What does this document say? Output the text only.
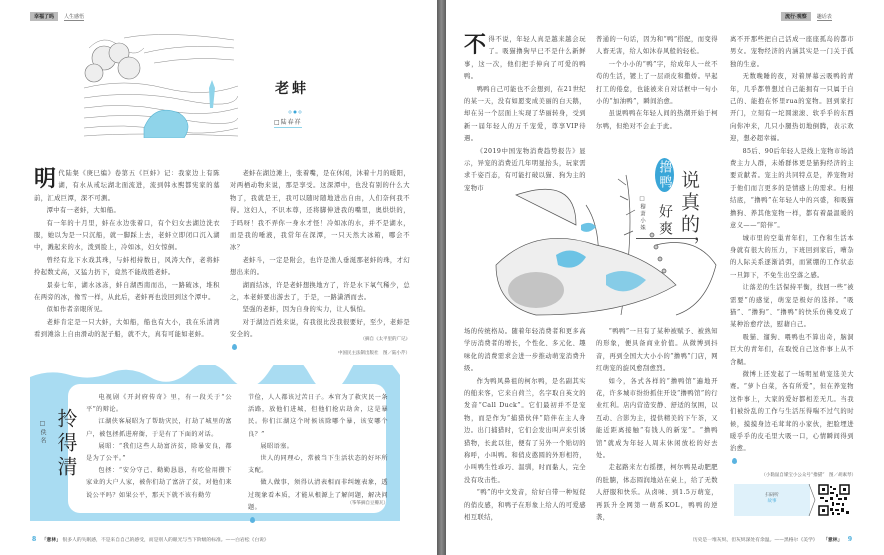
幸福了吗	人生感悟
老蚌
□陆春祥
明 代陆粲《庚巳编》卷第五《巨蚌》记：我家边上有陈湖，有水从戒坛湖北面流进，流到韩永熙都宪家的墓前，汇成巨潭，深不可测。

潭中有一老蚌，大如船。

有一年的十月里，蚌在水边张着口，有个妇女去湖边洗衣服，她以为是一只沉船，就一脚踩上去，老蚌立即闭口沉入湖中，溅起来的水，泼到脸上，冷如冰，妇女惊倒。

曾经有龙下水戏其珠，与蚌相持数日，风涛大作，老将蚌拎起数丈高，又猛力扔下，竟然不能战胜老蚌。

景泰七年，湖水冰冻，蚌自湖西南而出，一路破冰，堆积在两旁的冰，像雪一样，从此后，老蚌再也没回到这个潭中。

似如作者亲眼所见。

老蚌肯定是一只大蚌，大如船，船也有大小，我在乐清湾看到滩涂上自由滑动的泥子船，就不大，真有可能如老蚌。

老蚌在湖边滩上，张着嘴，是在休闲，沐着十月的暖阳，对两栖动物来说，那是享受。这深潭中，也没有别的什么大物了，我就是王，我可以随时随地进出自由，人们奈何我不得。这妇人，不识本尊，还将脚伸进我的嘴里，奥烘烘的，于吗呀！我不弄你一身水才怪！冷如冰的水，并不是湖水，而是我的唾液，我常年在深潭，一只天然大冰箱，哪会不冰？

老蚌斗，一定是附会，也许是渔人垂涎那老蚌的珠，才幻想出来的。

湖面结冰，许是老蚌想换地方了，许是水下氧气稀少，总之，本老蚌要出游去了，于是，一路潇洒而去。

坚强的老蚌，因为自身的实力，让人惧怕。

对于湖边百姓来说，有我很比没我很要好，至少，老蚌是安全的。

（摘自《太平里的广记》
中国民主法制出版社　图／陆小芹）
□佚名 拎得清

电视剧《开封府传奇》里，有一段关于“公平”的辩论。

江湖侠客展昭为了帮助灾民，打劫了城里的富户，被包拯抓进府衙，于是有了下面的对话。

展昭：“我们这些人劫富济贫，除暴安良，都是为了公平。”

包拯：“安分守己、勤勤恳恳，有吃俭用攒下家业的大户人家，被你们劫了富济了贫，对他们来说公平吗？如果公平，那天下就不该有勤劳

节俭，人人都该过苦日子。本官为了救灾民一条活路，放他们进城，但他们抢店劫舍，这是暴民。你们江湖这个时候该除哪个暴，该安哪个良？”

展昭语塞。

世人的同理心，常被当下生活状态的好坏所支配。

做人做事，须得认清表相而非纠缠表象，透过现象看本质，才能从根源上了解问题，解决问题。

（筝筝摘自豆瓣瓦）
8 「意林」 很多人的失眠感，不是来自自己的感受，而是别人的眼光与当下阶级的标准。——白岩松《白说》
流行·观察	趣话表
不 得不说，年轻人真是越来越会玩了。吸猫撸狗早已不是什么新鲜事，这一次，他们把手伸向了可爱的鸭鸭。

鸭鸭自己可能也不会想到，在21世纪的某一天，没有如愿变成美丽的白天鹅，却在另一个层面上实现了华丽转身，受到新一届年轻人的万千宠爱，尊享VIP待遇。

《2019中国宠物消费趋势报告》显示，异宠的消费近几年明显抬头，玩家需求千姿百态，有可能打破以猫、狗为主的宠物市

普通的一句话，因为和“鸭”搭配，而变得人畜无害，给人如沐春风般的轻松。

一个小小的“鸭”字，给成年人一丝不苟的生活，镀上了一层顽皮和撒娇。早起打工的倦怠，也能被来自对话框中一句小小的“加油鸭”，瞬间治愈。

虽说鸭鸭在年轻人间的热潮开始于柯尔鸭，但绝对不会止于此。

离不开那些把自己活成一座座孤岛的都市男女。宠物经济的内涵其实是一门关于孤独的生意。

无数晚睡的夜，对着屏幕云吸鸭的青年，几乎都曾想过自己能拥有一只属于自己的、能抱在怀里rua的宠物。回到家打开门，立刻有一坨圆滚滚、软乎乎的东西向你冲来，几只小腿热切地倒腾，表示欢迎，想必超幸福。

85后、90后年轻人是线上宠物市场消费主力人群，未婚群体更是猫狗经济的主要贡献者。宠主的共同特点是，养宠物对于他们而言更多的是情感上的需求。归根结底，“撸鸭”在年轻人中的兴盛，和吸猫撸狗、养其他宠物一样，都有着最温暖的意义——“陪伴”。

城市里的空巢青年们，工作和生活本身就有很大的压力，下班回到家后，嘈杂的人际关系逐渐消弭，而紧绷的工作状态一旦卸下，不免生出空落之感。

让落差的生活保持平衡，找回一些“被需要”的感觉，萌宠是极好的选择。“吸猫”、“撸狗”、“撸鸭”的快乐仿佛变成了某种治愈疗法，慰藉自己。

吸猫、遛狗、喂鸭也不算出奇，脑洞巨大的青年们，在取悦自己这件事上从不含糊。

微博上还发起了一场明星萌宠选美大赛。“萝卜白菜，各有所爱”，但在养宠物这件事上，大家的爱好都相差无几。当我们被纷乱的工作与生活压得喘不过气的时候，摸摸身边毛茸茸的小家伙，把脸埋进暖乎乎的皮毛里大吸一口，心情瞬间得到治愈。

撸鸭
好爽 说真的，
□穆萧小姝

场的传统格局。随着年轻消费者和更多高学历消费者的增长，个性化、多元化、趣味化的消费需求会进一步推动萌宠消费升级。

作为鸭风鼻祖的柯尔鸭，是名副其实的舶来客，它来自荷兰，名字取自英文的发音“Call Duck”。它们最初并不是宠物，而是作为“捕猎伙伴”陪伴在主人身边。出门捕猎时，它们会发出叫声来引诱猎物，长此以往，便有了另外一个贴切的称呼，小叫鸭。和俏皮憨圆的外形相符，小叫鸭生性乖巧、温驯，时而黏人，完全没有攻击性。

“鸭”的中文发音，给好自带一种短促的俏皮感，和鸭子在形象上给人的可爱感相互联结，

“鸭鸭”一旦有了某种被赋予、被熟知的形象，便具备商业价值。从微博到抖音，再到全国大大小小的“撸鸭”门店，网红萌宠的旋风愈刮愈烈。

如今，各式各样的“撸鸭馆”遍地开花，许多城市纷纷抓住开设“撸鸭馆”的行业红利。店内营造安静、舒适的氛围，以互动、合影为主，提供精美的下午茶，又能近距离接触“有钱人的新宠”。“撸鸭馆”就成为年轻人周末休闲放松的好去处。

走起路来左右摇摆，柯尔鸭晃动肥肥的肚腩，体态圆润地站在桌上，给了无数人舒服和快乐。从卤味、到1.5万萌宠，再跃升全网第一萌系KOL，鸭鸭的逆袭，

（小黏鼠自媒宝小公众号“撸猫”　图／胡素琴）
扫码听
故事
历史是一堆灰烬，但灰烬深处有余温。——黑格尔《美学》 「意林」 9
